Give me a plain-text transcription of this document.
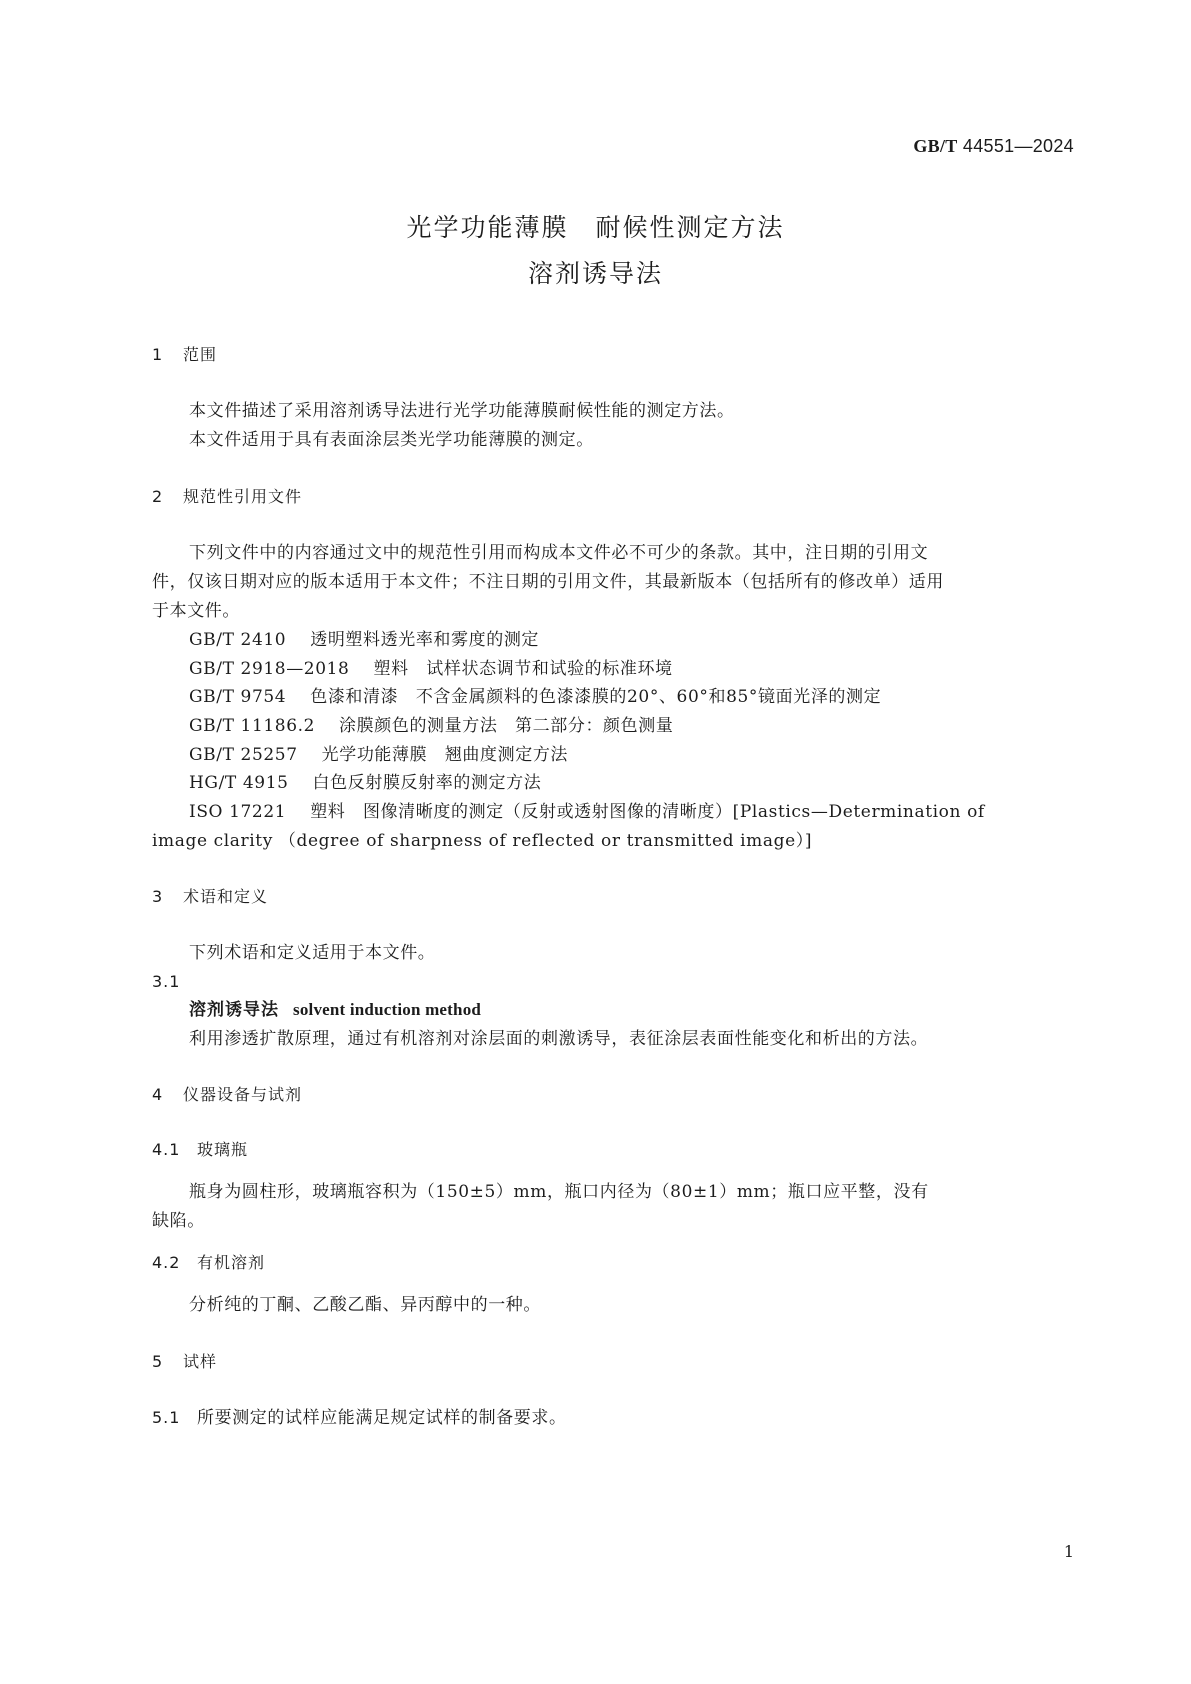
GB/T 44551—2024
光学功能薄膜　耐候性测定方法
溶剂诱导法
1 范围
本文件描述了采用溶剂诱导法进行光学功能薄膜耐候性能的测定方法。
本文件适用于具有表面涂层类光学功能薄膜的测定。
2 规范性引用文件
下列文件中的内容通过文中的规范性引用而构成本文件必不可少的条款。其中，注日期的引用文
件，仅该日期对应的版本适用于本文件；不注日期的引用文件，其最新版本（包括所有的修改单）适用
于本文件。
GB/T 2410 透明塑料透光率和雾度的测定
GB/T 2918—2018 塑料　试样状态调节和试验的标准环境
GB/T 9754 色漆和清漆　不含金属颜料的色漆漆膜的20°、60°和85°镜面光泽的测定
GB/T 11186.2 涂膜颜色的测量方法　第二部分：颜色测量
GB/T 25257 光学功能薄膜　翘曲度测定方法
HG/T 4915 白色反射膜反射率的测定方法
ISO 17221 塑料　图像清晰度的测定（反射或透射图像的清晰度）[Plastics—Determination of
image clarity （degree of sharpness of reflected or transmitted image）]
3 术语和定义
下列术语和定义适用于本文件。
3.1
溶剂诱导法 solvent induction method
利用渗透扩散原理，通过有机溶剂对涂层面的刺激诱导，表征涂层表面性能变化和析出的方法。
4 仪器设备与试剂
4.1 玻璃瓶
瓶身为圆柱形，玻璃瓶容积为（150±5）mm，瓶口内径为（80±1）mm；瓶口应平整，没有
缺陷。
4.2 有机溶剂
分析纯的丁酮、乙酸乙酯、异丙醇中的一种。
5 试样
5.1 所要测定的试样应能满足规定试样的制备要求。
1
